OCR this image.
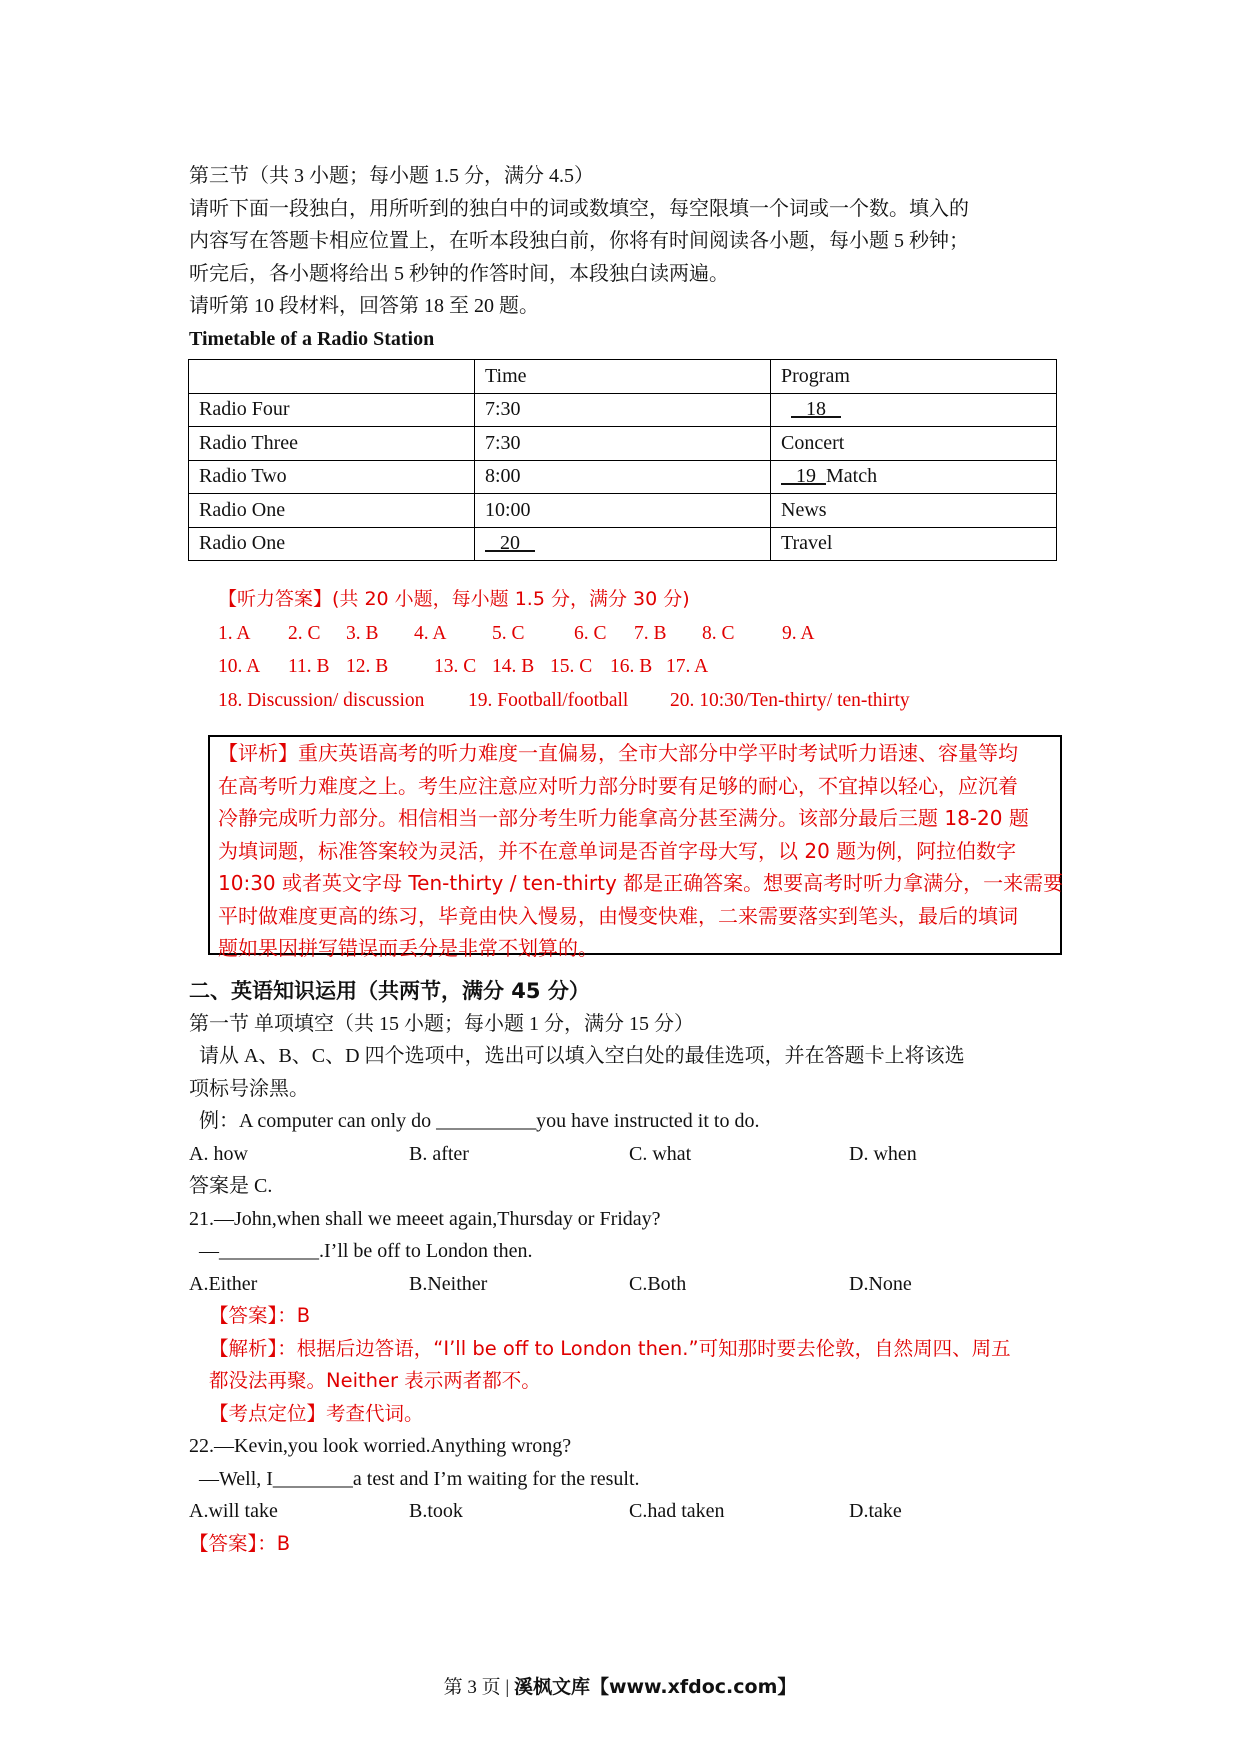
第三节（共 3 小题；每小题 1.5 分，满分 4.5）

请听下面一段独白，用所听到的独白中的词或数填空，每空限填一个词或一个数。填入的

内容写在答题卡相应位置上，在听本段独白前，你将有时间阅读各小题，每小题 5 秒钟；

听完后，各小题将给出 5 秒钟的作答时间，本段独白读两遍。

请听第 10 段材料，回答第 18 至 20 题。

Timetable of a Radio Station

	Time	Program
Radio Four	7:30	18
Radio Three	7:30	Concert
Radio Two	8:00	19 Match
Radio One	10:00	News
Radio One	20	Travel
【听力答案】(共 20 小题，每小题 1.5 分，满分 30 分)
1. A 2. C 3. B 4. A 5. C	6. C 7. B 8. C 9. A
10. A 11. B 12. B 13. C 14. B 15. C 16. B 17. A
18. Discussion/ discussion 19. Football/football 20. 10:30/Ten-thirty/ ten-thirty
【评析】重庆英语高考的听力难度一直偏易，全市大部分中学平时考试听力语速、容量等均
在高考听力难度之上。考生应注意应对听力部分时要有足够的耐心，不宜掉以轻心，应沉着
冷静完成听力部分。相信相当一部分考生听力能拿高分甚至满分。该部分最后三题 18-20 题
为填词题，标准答案较为灵活，并不在意单词是否首字母大写，以 20 题为例，阿拉伯数字
10:30 或者英文字母 Ten-thirty / ten-thirty 都是正确答案。想要高考时听力拿满分，一来需要
平时做难度更高的练习，毕竟由快入慢易，由慢变快难，二来需要落实到笔头，最后的填词
题如果因拼写错误而丢分是非常不划算的。

二、英语知识运用（共两节，满分 45 分）

第一节 单项填空（共 15 小题；每小题 1 分，满分 15 分）

请从 A、B、C、D 四个选项中，选出可以填入空白处的最佳选项，并在答题卡上将该选

项标号涂黑。

例：A computer can only do __________you have instructed it to do.

A. how	B. after	C. what	D. when

答案是 C.

21.—John,when shall we meeet again,Thursday or Friday?

—__________.I’ll be off to London then.

A.Either	B.Neither	C.Both	D.None

【答案】：B

【解析】：根据后边答语，“I’ll be off to London then.”可知那时要去伦敦，自然周四、周五

都没法再聚。Neither 表示两者都不。

【考点定位】考查代词。

22.—Kevin,you look worried.Anything wrong?

—Well, I________a test and I’m waiting for the result.

A.will take	B.took	C.had taken	D.take

【答案】：B

第 3 页 | 溪枫文库【www.xfdoc.com】
